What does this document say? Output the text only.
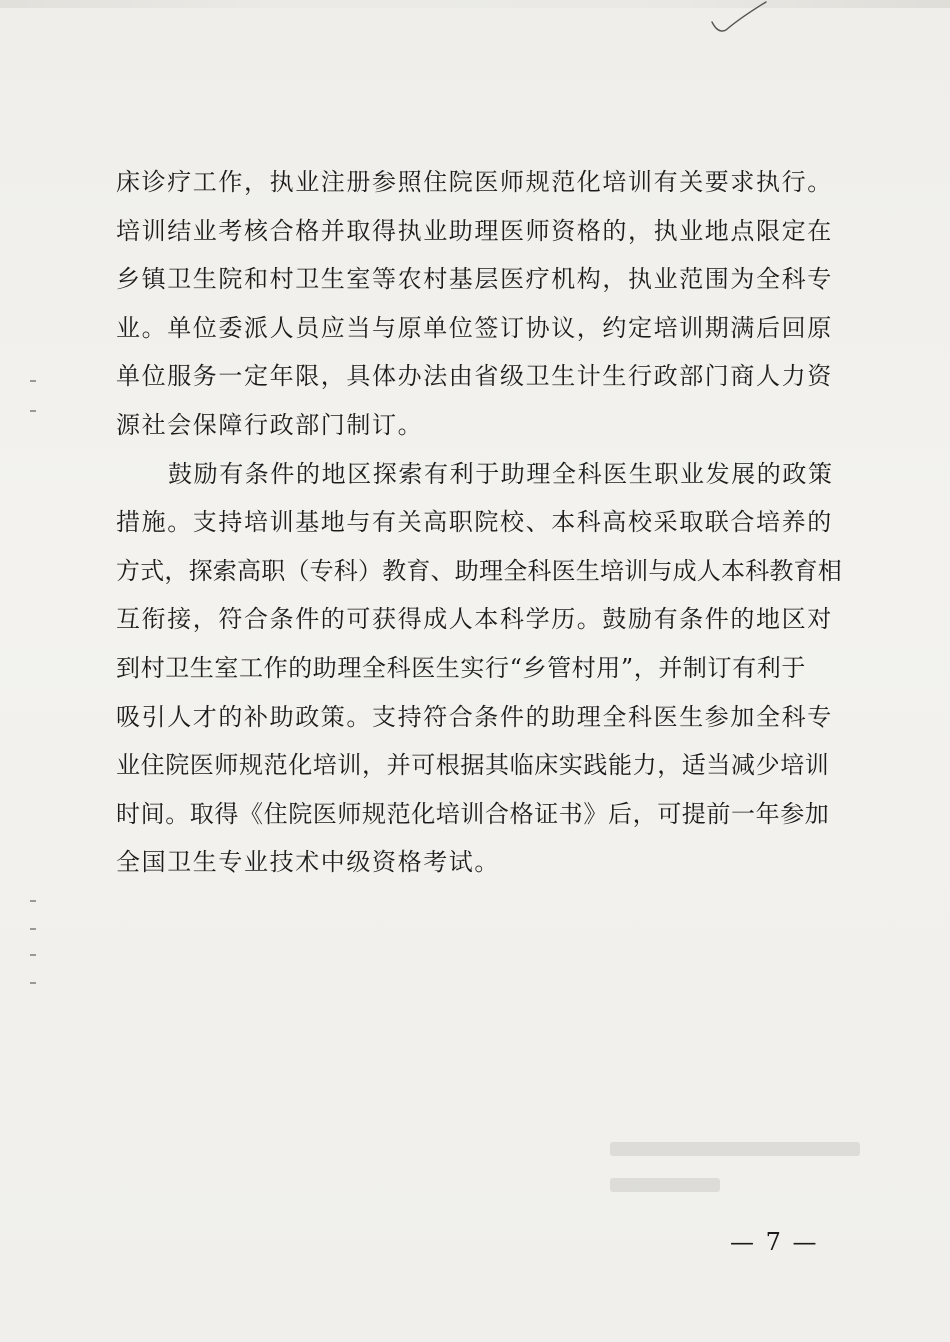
床诊疗工作，执业注册参照住院医师规范化培训有关要求执行。
培训结业考核合格并取得执业助理医师资格的，执业地点限定在
乡镇卫生院和村卫生室等农村基层医疗机构，执业范围为全科专
业。单位委派人员应当与原单位签订协议，约定培训期满后回原
单位服务一定年限，具体办法由省级卫生计生行政部门商人力资
源社会保障行政部门制订。

鼓励有条件的地区探索有利于助理全科医生职业发展的政策
措施。支持培训基地与有关高职院校、本科高校采取联合培养的
方式，探索高职（专科）教育、助理全科医生培训与成人本科教育相
互衔接，符合条件的可获得成人本科学历。鼓励有条件的地区对
到村卫生室工作的助理全科医生实行“乡管村用”，并制订有利于
吸引人才的补助政策。支持符合条件的助理全科医生参加全科专
业住院医师规范化培训，并可根据其临床实践能力，适当减少培训
时间。取得《住院医师规范化培训合格证书》后，可提前一年参加
全国卫生专业技术中级资格考试。

— 7 —
